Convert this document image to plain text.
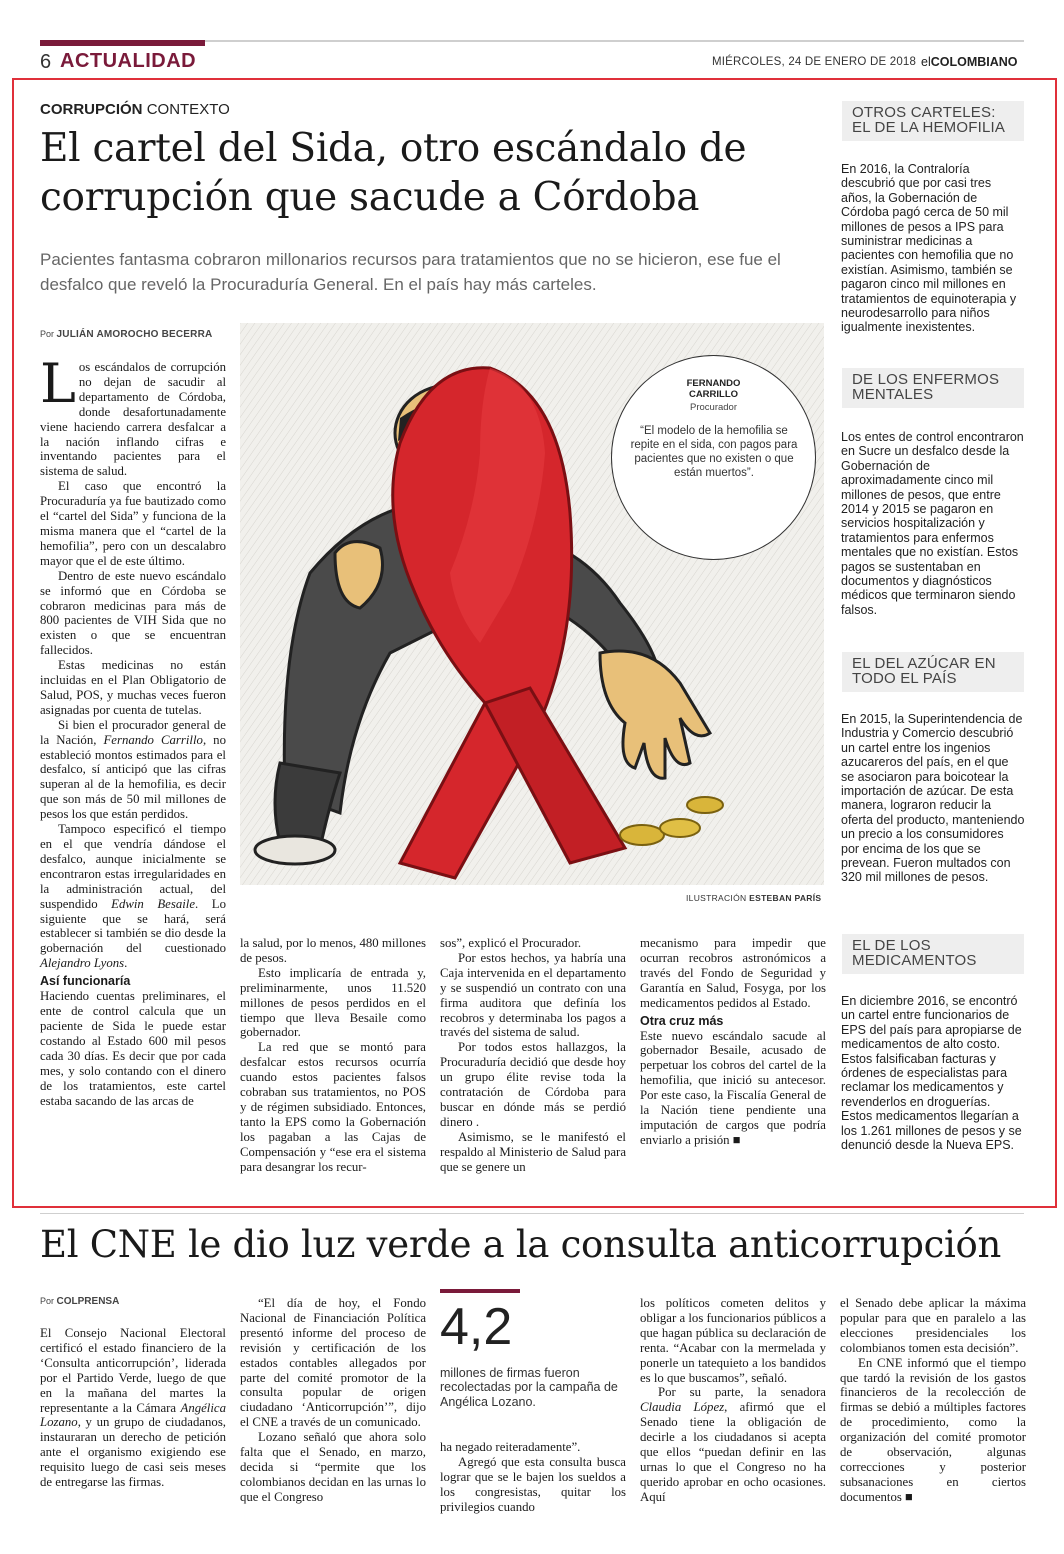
6 ACTUALIDAD	MIÉRCOLES, 24 DE ENERO DE 2018 elCOLOMBIANO
CORRUPCIÓN CONTEXTO
El cartel del Sida, otro escándalo de corrupción que sacude a Córdoba
Pacientes fantasma cobraron millonarios recursos para tratamientos que no se hicieron, ese fue el desfalco que reveló la Procuraduría General. En el país hay más carteles.
Por JULIÁN AMOROCHO BECERRA

Los escándalos de corrupción no dejan de sacudir al departamento de Córdoba, donde desafortunadamente viene haciendo carrera desfalcar a la nación inflando cifras e inventando pacientes para el sistema de salud.

El caso que encontró la Procuraduría ya fue bautizado como el “cartel del Sida” y funciona de la misma manera que el “cartel de la hemofilia”, pero con un descalabro mayor que el de este último.

Dentro de este nuevo escándalo se informó que en Córdoba se cobraron medicinas para más de 800 pacientes de VIH Sida que no existen o que se encuentran fallecidos.

Estas medicinas no están incluidas en el Plan Obligatorio de Salud, POS, y muchas veces fueron asignadas por cuenta de tutelas.

Si bien el procurador general de la Nación, Fernando Carrillo, no estableció montos estimados para el desfalco, sí anticipó que las cifras superan al de la hemofilia, es decir que son más de 50 mil millones de pesos los que están perdidos.

Tampoco especificó el tiempo en el que vendría dándose el desfalco, aunque inicialmente se encontraron estas irregularidades en la administración actual, del suspendido Edwin Besaile. Lo siguiente que se hará, será establecer si también se dio desde la gobernación del cuestionado Alejandro Lyons.

Así funcionaría

Haciendo cuentas preliminares, el ente de control calcula que un paciente de Sida le puede estar costando al Estado 600 mil pesos cada 30 días. Es decir que por cada mes, y solo contando con el dinero de los tratamientos, este cartel estaba sacando de las arcas de

FERNANDO
CARRILLO
Procurador
“El modelo de la hemofilia se repite en el sida, con pagos para pacientes que no existen o que están muertos”.
ILUSTRACIÓN ESTEBAN PARÍS

la salud, por lo menos, 480 millones de pesos.

Esto implicaría de entrada y, preliminarmente, unos 11.520 millones de pesos perdidos en el tiempo que lleva Besaile como gobernador.

La red que se montó para desfalcar estos recursos ocurría cuando estos pacientes falsos cobraban sus tratamientos, no POS y de régimen subsidiado. Entonces, tanto la EPS como la Gobernación los pagaban a las Cajas de Compensación y “ese era el sistema para desangrar los recur-

sos”, explicó el Procurador.

Por estos hechos, ya habría una Caja intervenida en el departamento y se suspendió un contrato con una firma auditora que definía los recobros y determinaba los pagos a través del sistema de salud.

Por todos estos hallazgos, la Procuraduría decidió que desde hoy un grupo élite revise toda la contratación de Córdoba para buscar en dónde más se perdió dinero .

Asimismo, se le manifestó el respaldo al Ministerio de Salud para que se genere un

mecanismo para impedir que ocurran recobros astronómicos a través del Fondo de Seguridad y Garantía en Salud, Fosyga, por los medicamentos pedidos al Estado.

Otra cruz más

Este nuevo escándalo sacude al gobernador Besaile, acusado de perpetuar los cobros del cartel de la hemofilia, que inició su antecesor. Por este caso, la Fiscalía General de la Nación tiene pendiente una imputación de cargos que podría enviarlo a prisión ■

OTROS CARTELES: EL DE LA HEMOFILIA
En 2016, la Contraloría descubrió que por casi tres años, la Gobernación de Córdoba pagó cerca de 50 mil millones de pesos a IPS para suministrar medicinas a pacientes con hemofilia que no existían. Asimismo, también se pagaron cinco mil millones en tratamientos de equinoterapia y neurodesarrollo para niños igualmente inexistentes.
DE LOS ENFERMOS MENTALES
Los entes de control encontraron en Sucre un desfalco desde la Gobernación de aproximadamente cinco mil millones de pesos, que entre 2014 y 2015 se pagaron en servicios hospitalización y tratamientos para enfermos mentales que no existían. Estos pagos se sustentaban en documentos y diagnósticos médicos que terminaron siendo falsos.
EL DEL AZÚCAR EN TODO EL PAÍS
En 2015, la Superintendencia de Industria y Comercio descubrió un cartel entre los ingenios azucareros del país, en el que se asociaron para boicotear la importación de azúcar. De esta manera, lograron reducir la oferta del producto, manteniendo un precio a los consumidores por encima de los que se prevean. Fueron multados con 320 mil millones de pesos.
EL DE LOS MEDICAMENTOS
En diciembre 2016, se encontró un cartel entre funcionarios de EPS del país para apropiarse de medicamentos de alto costo. Estos falsificaban facturas y órdenes de especialistas para reclamar los medicamentos y revenderlos en droguerías. Estos medicamentos llegarían a los 1.261 millones de pesos y se denunció desde la Nueva EPS.
El CNE le dio luz verde a la consulta anticorrupción
Por COLPRENSA

El Consejo Nacional Electoral certificó el estado financiero de la ‘Consulta anticorrupción’, liderada por el Partido Verde, luego de que en la mañana del martes la representante a la Cámara Angélica Lozano, y un grupo de ciudadanos, instauraran un derecho de petición ante el organismo exigiendo ese requisito luego de casi seis meses de entregarse las firmas.

“El día de hoy, el Fondo Nacional de Financiación Política presentó informe del proceso de revisión y certificación de los estados contables allegados por parte del comité promotor de la consulta popular de origen ciudadano ‘Anticorrupción’”, dijo el CNE a través de un comunicado.

Lozano señaló que ahora solo falta que el Senado, en marzo, decida si “permite que los colombianos decidan en las urnas lo que el Congreso

4,2
millones de firmas fueron recolectadas por la campaña de Angélica Lozano.

ha negado reiteradamente”.

Agregó que esta consulta busca lograr que se le bajen los sueldos a los congresistas, quitar los privilegios cuando

los políticos cometen delitos y obligar a los funcionarios públicos a que hagan pública su declaración de renta. “Acabar con la mermelada y ponerle un tatequieto a los bandidos es lo que buscamos”, señaló.

Por su parte, la senadora Claudia López, afirmó que el Senado tiene la obligación de decirle a los ciudadanos si acepta que ellos “puedan definir en las urnas lo que el Congreso no ha querido aprobar en ocho ocasiones. Aquí

el Senado debe aplicar la máxima popular para que en paralelo a las elecciones presidenciales los colombianos tomen esta decisión”.

En CNE informó que el tiempo que tardó la revisión de los gastos financieros de la recolección de firmas se debió a múltiples factores de procedimiento, como la organización del comité promotor de observación, algunas correcciones y posterior subsanaciones en ciertos documentos ■
